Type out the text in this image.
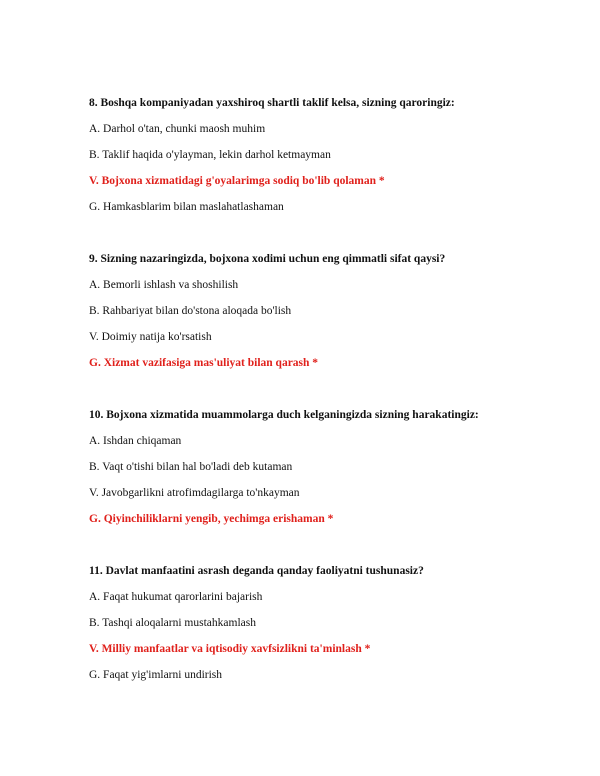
8. Boshqa kompaniyadan yaxshiroq shartli taklif kelsa, sizning qaroringiz:
A. Darhol o'tan, chunki maosh muhim
B. Taklif haqida o'ylayman, lekin darhol ketmayman
V. Bojxona xizmatidagi g'oyalarimga sodiq bo'lib qolaman *
G. Hamkasblarim bilan maslahatlashaman
9. Sizning nazaringizda, bojxona xodimi uchun eng qimmatli sifat qaysi?
A. Bemorli ishlash va shoshilish
B. Rahbariyat bilan do'stona aloqada bo'lish
V. Doimiy natija ko'rsatish
G. Xizmat vazifasiga mas'uliyat bilan qarash *
10. Bojxona xizmatida muammolarga duch kelganingizda sizning harakatingiz:
A. Ishdan chiqaman
B. Vaqt o'tishi bilan hal bo'ladi deb kutaman
V. Javobgarlikni atrofimdagilarga to'nkayman
G. Qiyinchiliklarni yengib, yechimga erishaman *
11. Davlat manfaatini asrash deganda qanday faoliyatni tushunasiz?
A. Faqat hukumat qarorlarini bajarish
B. Tashqi aloqalarni mustahkamlash
V. Milliy manfaatlar va iqtisodiy xavfsizlikni ta'minlash *
G. Faqat yig'imlarni undirish
